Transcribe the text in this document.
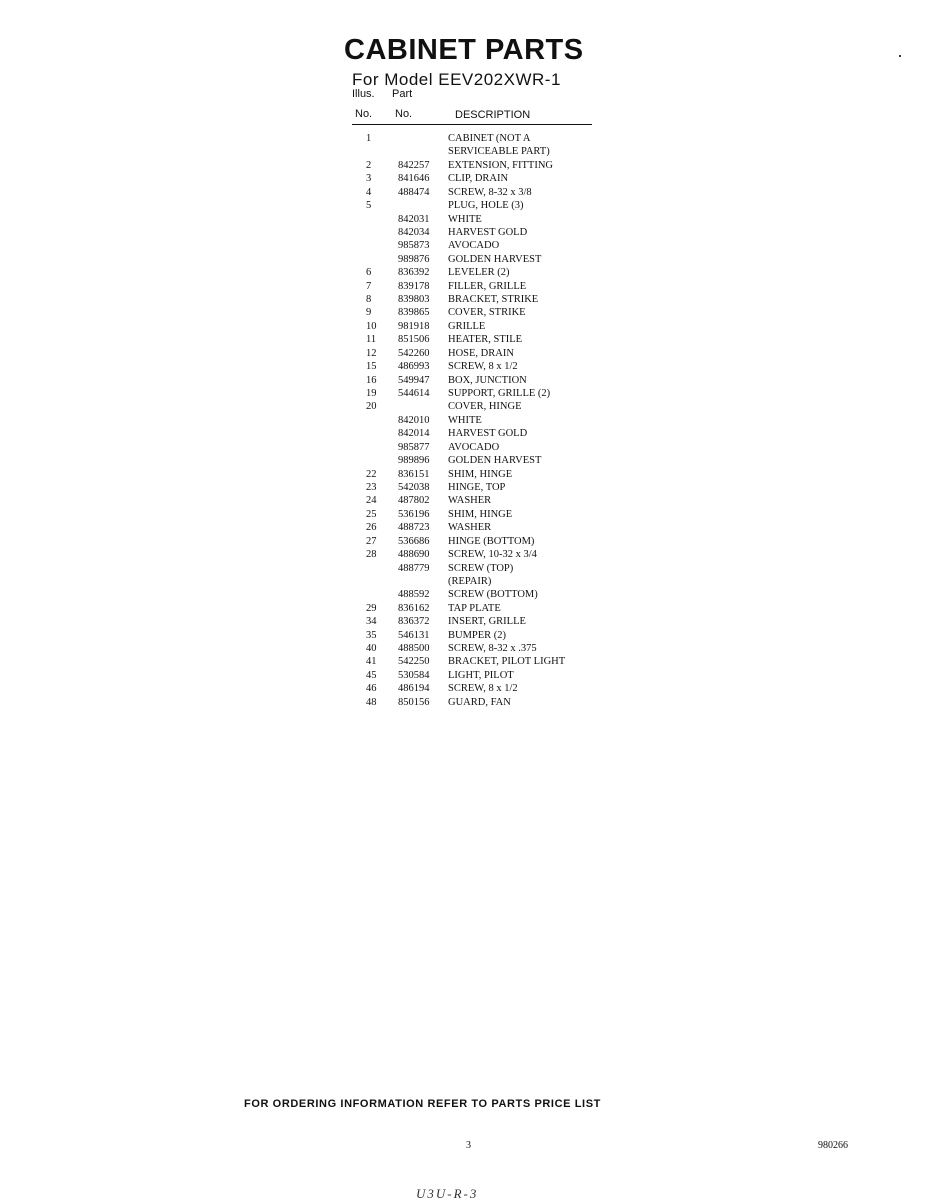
CABINET PARTS
For Model EEV202XWR-1
Illus. Part
No. No.	DESCRIPTION
1		CABINET (NOT A
		SERVICEABLE PART)
2	842257	EXTENSION, FITTING
3	841646	CLIP, DRAIN
4	488474	SCREW, 8-32 x 3/8
5		PLUG, HOLE (3)
	842031	WHITE
	842034	HARVEST GOLD
	985873	AVOCADO
	989876	GOLDEN HARVEST
6	836392	LEVELER (2)
7	839178	FILLER, GRILLE
8	839803	BRACKET, STRIKE
9	839865	COVER, STRIKE
10	981918	GRILLE
11	851506	HEATER, STILE
12	542260	HOSE, DRAIN
15	486993	SCREW, 8 x 1/2
16	549947	BOX, JUNCTION
19	544614	SUPPORT, GRILLE (2)
20		COVER, HINGE
	842010	WHITE
	842014	HARVEST GOLD
	985877	AVOCADO
	989896	GOLDEN HARVEST
22	836151	SHIM, HINGE
23	542038	HINGE, TOP
24	487802	WASHER
25	536196	SHIM, HINGE
26	488723	WASHER
27	536686	HINGE (BOTTOM)
28	488690	SCREW, 10-32 x 3/4
	488779	SCREW (TOP)
		(REPAIR)
	488592	SCREW (BOTTOM)
29	836162	TAP PLATE
34	836372	INSERT, GRILLE
35	546131	BUMPER (2)
40	488500	SCREW, 8-32 x .375
41	542250	BRACKET, PILOT LIGHT
45	530584	LIGHT, PILOT
46	486194	SCREW, 8 x 1/2
48	850156	GUARD, FAN
FOR ORDERING INFORMATION REFER TO PARTS PRICE LIST
3	980266
U3U-R-3
